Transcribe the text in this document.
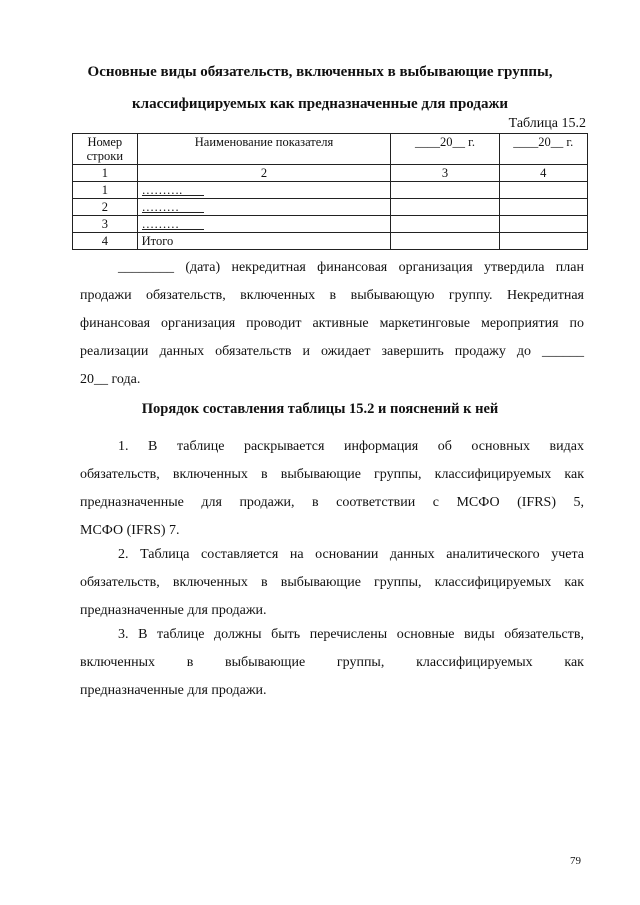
Основные виды обязательств, включенных в выбывающие группы,
классифицируемых как предназначенные для продажи
Таблица 15.2
Номер
строки	Наименование показателя	____20__ г.	____20__ г.
1	2	3	4
1	……….		
2	………		
3	………		
4	Итого		
________ (дата) некредитная финансовая организация утвердила план
продажи обязательств, включенных в выбывающую группу. Некредитная
финансовая организация проводит активные маркетинговые мероприятия по
реализации данных обязательств и ожидает завершить продажу до ______
20__ года.
Порядок составления таблицы 15.2 и пояснений к ней
1. В таблице раскрывается информация об основных видах
обязательств, включенных в выбывающие группы, классифицируемых как
предназначенные для продажи, в соответствии с МСФО (IFRS) 5,
МСФО (IFRS) 7.
2. Таблица составляется на основании данных аналитического учета
обязательств, включенных в выбывающие группы, классифицируемых как
предназначенные для продажи.
3. В таблице должны быть перечислены основные виды обязательств,
включенных в выбывающие группы, классифицируемых как
предназначенные для продажи.
79
